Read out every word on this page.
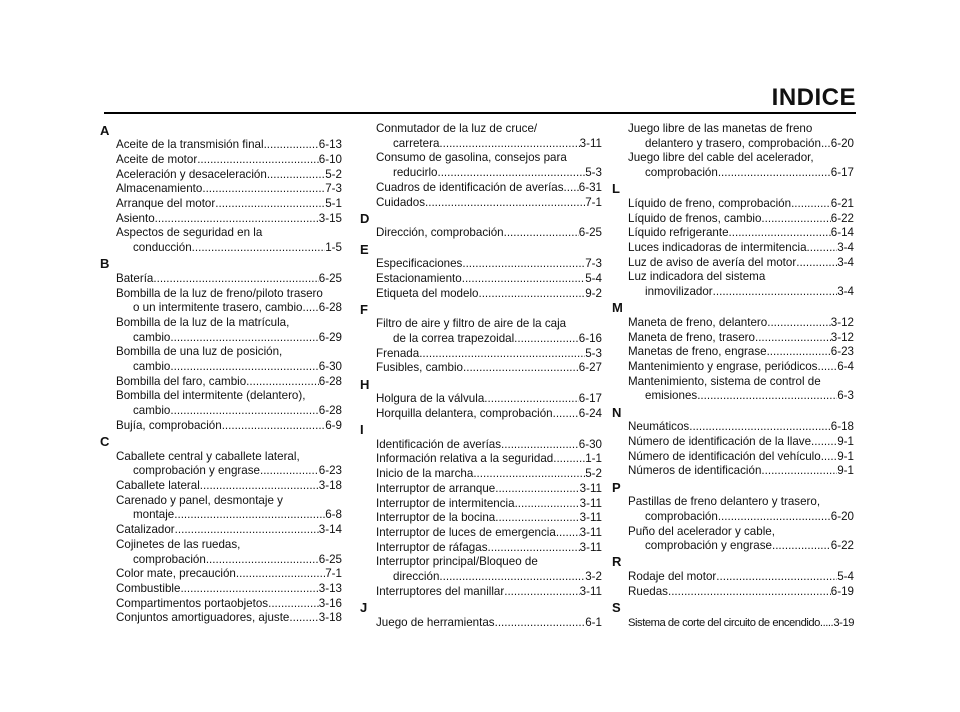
INDICE
A
Aceite de la transmisión final .....	6-13
Aceite de motor .....	6-10
Aceleración y desaceleración .....	5-2
Almacenamiento .....	7-3
Arranque del motor .....	5-1
Asiento .....	3-15
Aspectos de seguridad en la
conducción .....	1-5
B
Batería .....	6-25
Bombilla de la luz de freno/piloto trasero
o un intermitente trasero, cambio ..... 6-28
Bombilla de la luz de la matrícula,
cambio .....	6-29
Bombilla de una luz de posición,
cambio .....	6-30
Bombilla del faro, cambio .....	6-28
Bombilla del intermitente (delantero),
cambio .....	6-28
Bujía, comprobación .....	6-9
C
Caballete central y caballete lateral,
comprobación y engrase .....	6-23
Caballete lateral .....	3-18
Carenado y panel, desmontaje y
montaje .....	6-8
Catalizador .....	3-14
Cojinetes de las ruedas,
comprobación .....	6-25
Color mate, precaución .....	7-1
Combustible .....	3-13
Compartimentos portaobjetos .....	3-16
Conjuntos amortiguadores, ajuste .....	3-18
Conmutador de la luz de cruce/
carretera .....	3-11
Consumo de gasolina, consejos para
reducirlo .....	5-3
Cuadros de identificación de averías ..... 6-31
Cuidados .....	7-1
D
Dirección, comprobación .....	6-25
E
Especificaciones .....	7-3
Estacionamiento .....	5-4
Etiqueta del modelo .....	9-2
F
Filtro de aire y filtro de aire de la caja
de la correa trapezoidal .....	6-16
Frenada .....	5-3
Fusibles, cambio .....	6-27
H
Holgura de la válvula .....	6-17
Horquilla delantera, comprobación ..... 6-24
I
Identificación de averías .....	6-30
Información relativa a la seguridad .....	1-1
Inicio de la marcha .....	5-2
Interruptor de arranque .....	3-11
Interruptor de intermitencia .....	3-11
Interruptor de la bocina .....	3-11
Interruptor de luces de emergencia ..... 3-11
Interruptor de ráfagas .....	3-11
Interruptor principal/Bloqueo de
dirección .....	3-2
Interruptores del manillar .....	3-11
J
Juego de herramientas .....	6-1
Juego libre de las manetas de freno
delantero y trasero, comprobación ..... 6-20
Juego libre del cable del acelerador,
comprobación .....	6-17
L
Líquido de freno, comprobación .....	6-21
Líquido de frenos, cambio .....	6-22
Líquido refrigerante .....	6-14
Luces indicadoras de intermitencia .....	3-4
Luz de aviso de avería del motor .....	3-4
Luz indicadora del sistema
inmovilizador .....	3-4
M
Maneta de freno, delantero .....	3-12
Maneta de freno, trasero .....	3-12
Manetas de freno, engrase .....	6-23
Mantenimiento y engrase, periódicos ..... 6-4
Mantenimiento, sistema de control de
emisiones .....	6-3
N
Neumáticos .....	6-18
Número de identificación de la llave ..... 9-1
Número de identificación del vehículo ..... 9-1
Números de identificación .....	9-1
P
Pastillas de freno delantero y trasero,
comprobación .....	6-20
Puño del acelerador y cable,
comprobación y engrase .....	6-22
R
Rodaje del motor .....	5-4
Ruedas .....	6-19
S
Sistema de corte del circuito de encendido ..... 3-19
